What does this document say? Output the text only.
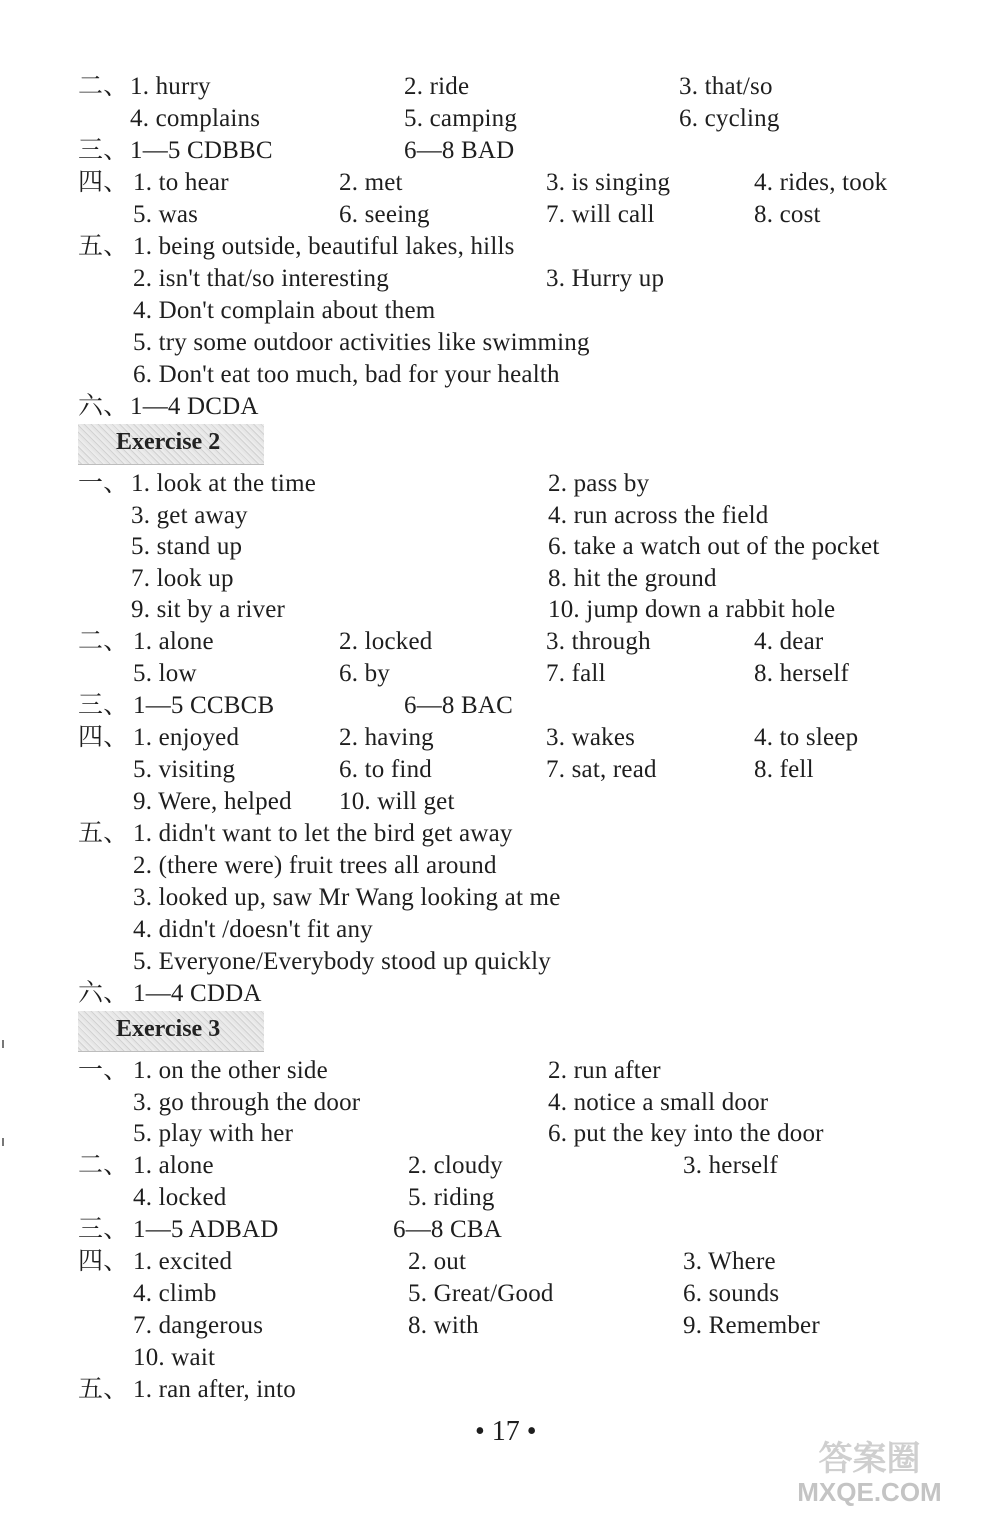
二、 1. hurry	2. ride	3. that/so
4. complains	5. camping	6. cycling
三、 1—5 CDBBC	6—8 BAD
四、 1. to hear	2. met	3. is singing	4. rides, took
5. was	6. seeing	7. will call	8. cost
五、 1. being outside, beautiful lakes, hills
2. isn't that/so interesting	3. Hurry up
4. Don't complain about them
5. try some outdoor activities like swimming
6. Don't eat too much, bad for your health
六、 1—4 DCDA
一、 1. look at the time	2. pass by
3. get away	4. run across the field
5. stand up	6. take a watch out of the pocket
7. look up	8. hit the ground
9. sit by a river	10. jump down a rabbit hole
二、 1. alone	2. locked	3. through	4. dear
5. low	6. by	7. fall	8. herself
三、 1—5 CCBCB	6—8 BAC
四、 1. enjoyed	2. having	3. wakes	4. to sleep
5. visiting	6. to find	7. sat, read	8. fell
9. Were, helped 10. will get
五、 1. didn't want to let the bird get away
2. (there were) fruit trees all around
3. looked up, saw Mr Wang looking at me
4. didn't /doesn't fit any
5. Everyone/Everybody stood up quickly
六、 1—4 CDDA
一、 1. on the other side	2. run after
3. go through the door	4. notice a small door
5. play with her	6. put the key into the door
二、 1. alone	2. cloudy	3. herself
4. locked	5. riding
三、 1—5 ADBAD	6—8 CBA
四、 1. excited	2. out	3. Where
4. climb	5. Great/Good	6. sounds
7. dangerous	8. with	9. Remember
10. wait
五、 1. ran after, into
Exercise 2
Exercise 3
• 17 •
答案圈
MXQE.COM
